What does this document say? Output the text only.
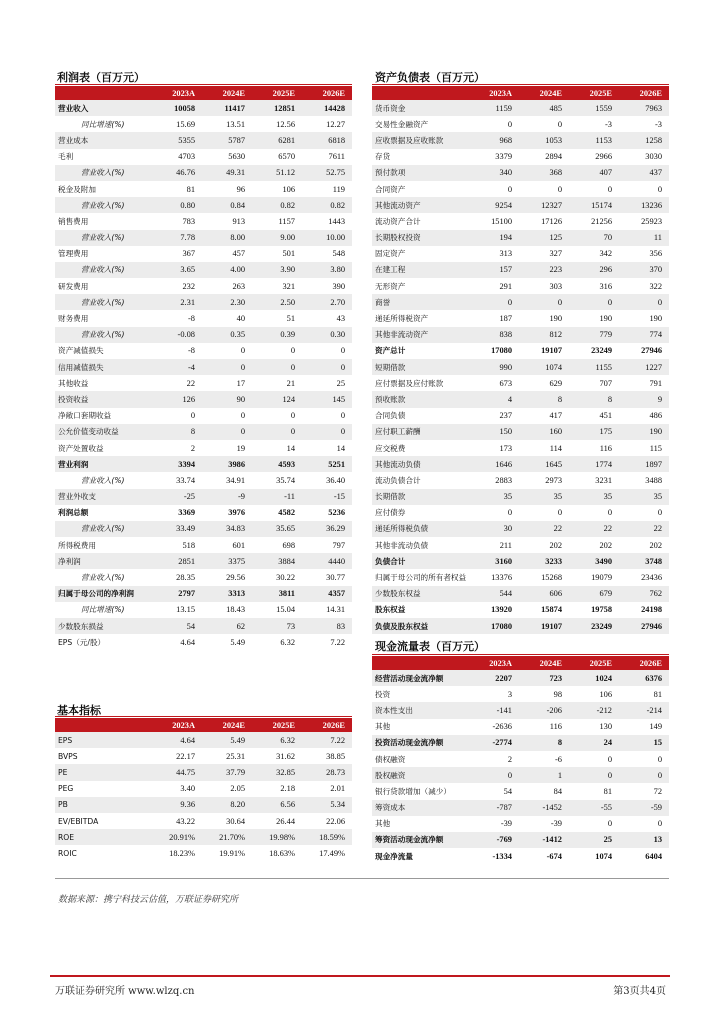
利润表（百万元）
	2023A	2024E	2025E	2026E
营业收入	10058	11417	12851	14428
同比增速(%)	15.69	13.51	12.56	12.27
营业成本	5355	5787	6281	6818
毛利	4703	5630	6570	7611
营业收入(%)	46.76	49.31	51.12	52.75
税金及附加	81	96	106	119
营业收入(%)	0.80	0.84	0.82	0.82
销售费用	783	913	1157	1443
营业收入(%)	7.78	8.00	9.00	10.00
管理费用	367	457	501	548
营业收入(%)	3.65	4.00	3.90	3.80
研发费用	232	263	321	390
营业收入(%)	2.31	2.30	2.50	2.70
财务费用	-8	40	51	43
营业收入(%)	-0.08	0.35	0.39	0.30
资产减值损失	-8	0	0	0
信用减值损失	-4	0	0	0
其他收益	22	17	21	25
投资收益	126	90	124	145
净敞口套期收益	0	0	0	0
公允价值变动收益	8	0	0	0
资产处置收益	2	19	14	14
营业利润	3394	3986	4593	5251
营业收入(%)	33.74	34.91	35.74	36.40
营业外收支	-25	-9	-11	-15
利润总额	3369	3976	4582	5236
营业收入(%)	33.49	34.83	35.65	36.29
所得税费用	518	601	698	797
净利润	2851	3375	3884	4440
营业收入(%)	28.35	29.56	30.22	30.77
归属于母公司的净利润	2797	3313	3811	4357
同比增速(%)	13.15	18.43	15.04	14.31
少数股东损益	54	62	73	83
EPS（元/股）	4.64	5.49	6.32	7.22
资产负债表（百万元）
	2023A	2024E	2025E	2026E
货币资金	1159	485	1559	7963
交易性金融资产	0	0	-3	-3
应收票据及应收账款	968	1053	1153	1258
存货	3379	2894	2966	3030
预付款项	340	368	407	437
合同资产	0	0	0	0
其他流动资产	9254	12327	15174	13236
流动资产合计	15100	17126	21256	25923
长期股权投资	194	125	70	11
固定资产	313	327	342	356
在建工程	157	223	296	370
无形资产	291	303	316	322
商誉	0	0	0	0
递延所得税资产	187	190	190	190
其他非流动资产	838	812	779	774
资产总计	17080	19107	23249	27946
短期借款	990	1074	1155	1227
应付票据及应付账款	673	629	707	791
预收账款	4	8	8	9
合同负债	237	417	451	486
应付职工薪酬	150	160	175	190
应交税费	173	114	116	115
其他流动负债	1646	1645	1774	1897
流动负债合计	2883	2973	3231	3488
长期借款	35	35	35	35
应付债券	0	0	0	0
递延所得税负债	30	22	22	22
其他非流动负债	211	202	202	202
负债合计	3160	3233	3490	3748
归属于母公司的所有者权益	13376	15268	19079	23436
少数股东权益	544	606	679	762
股东权益	13920	15874	19758	24198
负债及股东权益	17080	19107	23249	27946
现金流量表（百万元）
	2023A	2024E	2025E	2026E
经营活动现金流净额	2207	723	1024	6376
投资	3	98	106	81
资本性支出	-141	-206	-212	-214
其他	-2636	116	130	149
投资活动现金流净额	-2774	8	24	15
债权融资	2	-6	0	0
股权融资	0	1	0	0
银行贷款增加（减少）	54	84	81	72
筹资成本	-787	-1452	-55	-59
其他	-39	-39	0	0
筹资活动现金流净额	-769	-1412	25	13
现金净流量	-1334	-674	1074	6404
基本指标
	2023A	2024E	2025E	2026E
EPS	4.64	5.49	6.32	7.22
BVPS	22.17	25.31	31.62	38.85
PE	44.75	37.79	32.85	28.73
PEG	3.40	2.05	2.18	2.01
PB	9.36	8.20	6.56	5.34
EV/EBITDA	43.22	30.64	26.44	22.06
ROE	20.91%	21.70%	19.98%	18.59%
ROIC	18.23%	19.91%	18.63%	17.49%
数据来源：携宁科技云估值，万联证券研究所
万联证券研究所 www.wlzq.cn	第3页共4页
